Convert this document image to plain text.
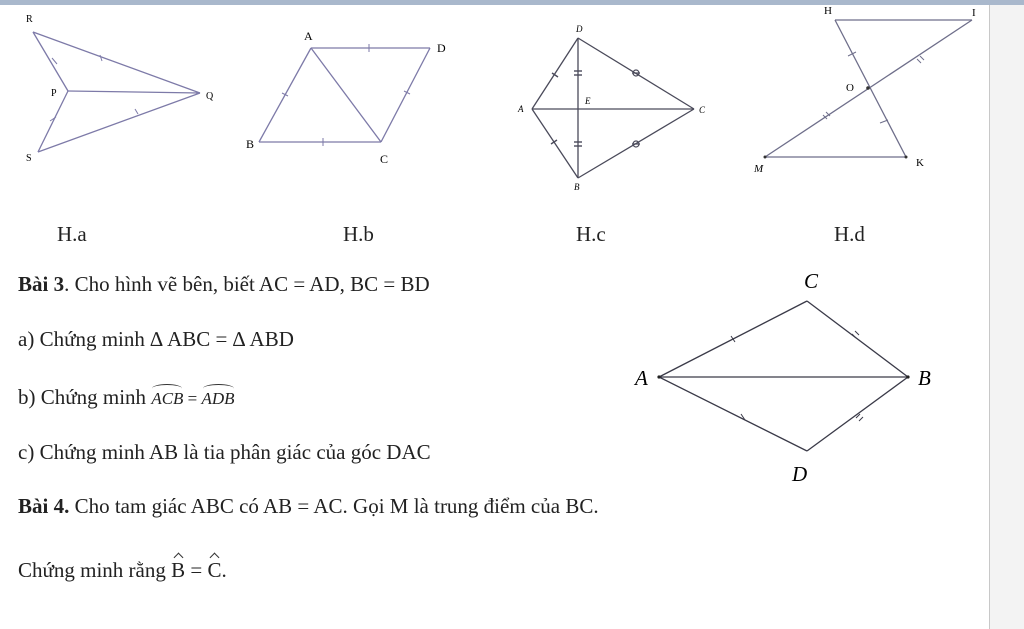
R
P	Q
S
A
D
B
C
D
A
E
C
B
H	I
O
M	K
H.a	H.b	H.c	H.d
C
A	B
D
Bài 3. Cho hình vẽ bên, biết AC = AD, BC = BD
a) Chứng minh ∆ ABC = ∆ ABD
b) Chứng minh ACB = ADB
c) Chứng minh AB là tia phân giác của góc DAC
Bài 4. Cho tam giác ABC có AB = AC. Gọi M là trung điểm của BC.
Chứng minh rằng B = C.
